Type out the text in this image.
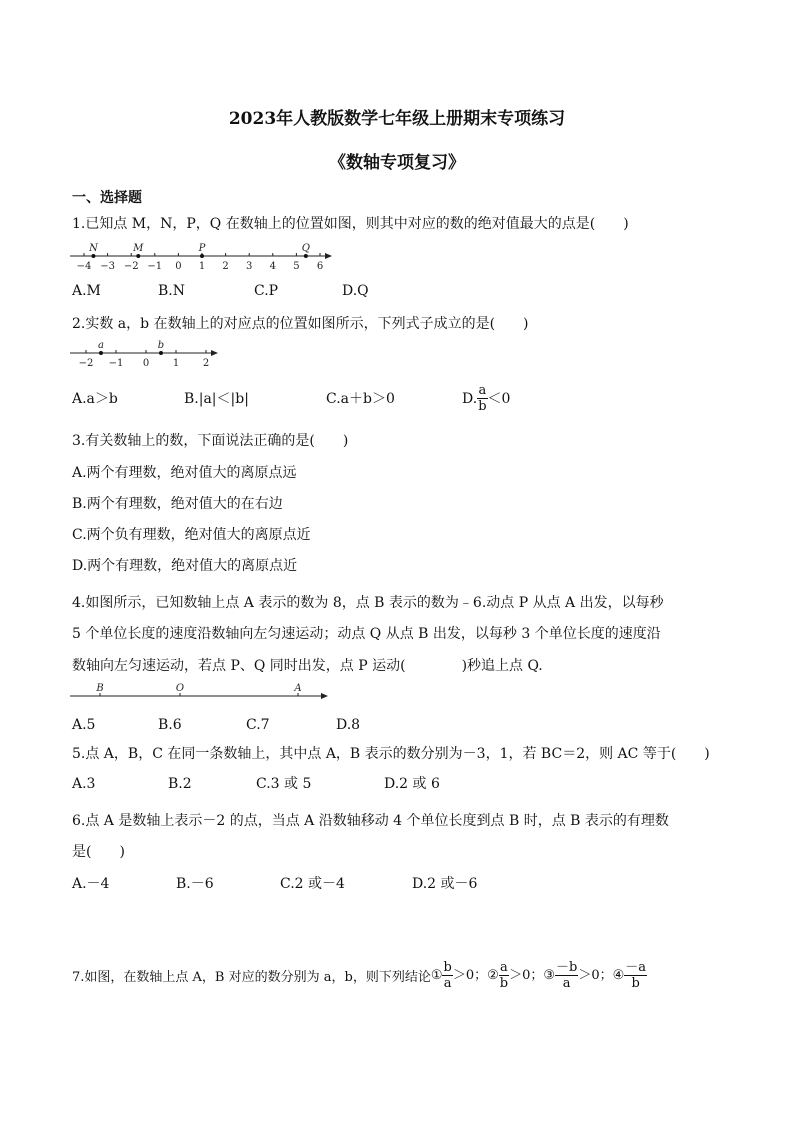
2023年人教版数学七年级上册期末专项练习
《数轴专项复习》
一、选择题
1.已知点 M，N，P，Q 在数轴上的位置如图，则其中对应的数的绝对值最大的点是(　　)
−4 −3 −2 −1 0 1 2 3 4 5 6
N	M	P	Q
A.M	B.N	C.P	D.Q
2.实数 a，b 在数轴上的对应点的位置如图所示，下列式子成立的是(　　)
−2 −1 0 1 2
a	b
A.a＞b	B.|a|＜|b|	C.a＋b＞0	D. $\frac{a}{b} <0$
3.有关数轴上的数，下面说法正确的是(　　)
A.两个有理数，绝对值大的离原点远
B.两个有理数，绝对值大的在右边
C.两个负有理数，绝对值大的离原点近
D.两个有理数，绝对值大的离原点近
4.如图所示，已知数轴上点 A 表示的数为 8，点 B 表示的数为﹣6.动点 P 从点 A 出发，以每秒
5 个单位长度的速度沿数轴向左匀速运动；动点 Q 从点 B 出发，以每秒 3 个单位长度的速度沿
数轴向左匀速运动，若点 P、Q 同时出发，点 P 运动(　　　　)秒追上点 Q.
B	O	A
A.5	B.6	C.7	D.8
5.点 A，B，C 在同一条数轴上，其中点 A，B 表示的数分别为－3，1，若 BC＝2，则 AC 等于(　　)
A.3	B.2	C.3 或 5	D.2 或 6
6.点 A 是数轴上表示－2 的点，当点 A 沿数轴移动 4 个单位长度到点 B 时，点 B 表示的有理数
是(　　)
A.－4	B.－6	C.2 或－4	D.2 或－6
7.如图，在数轴上点 A，B 对应的数分别为 a，b，则下列结论 ① $\frac{b}{a} >0$； ② $\frac{a}{b} >0$； ③ $\frac{-b}{a} >0$； ④ $\frac{-a}{b}$
